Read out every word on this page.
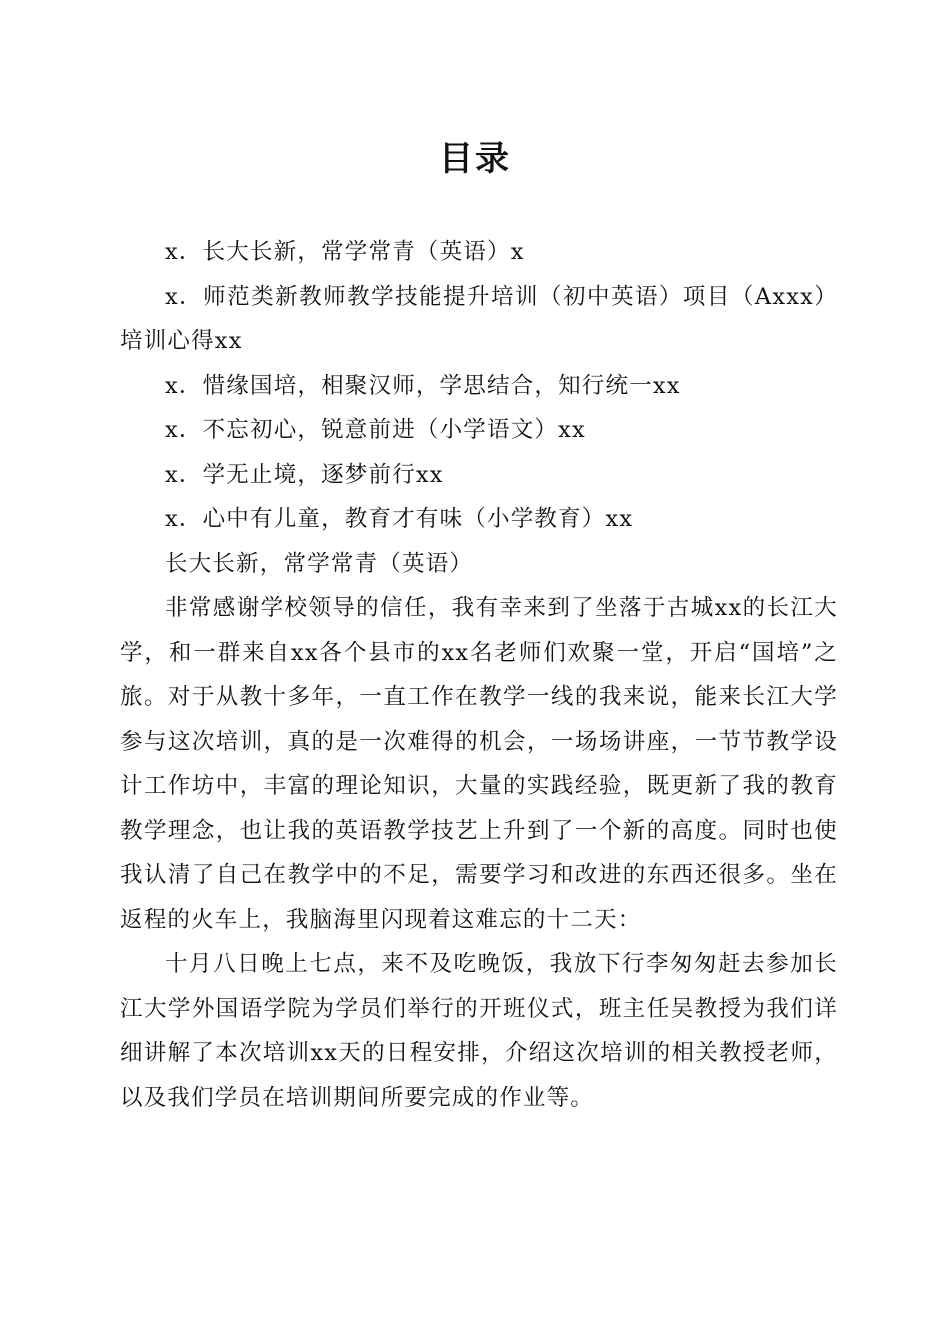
目录

x．长大长新，常学常青（英语）x

x．师范类新教师教学技能提升培训（初中英语）项目（Axxx）培训心得xx

x．惜缘国培，相聚汉师，学思结合，知行统一xx

x．不忘初心，锐意前进（小学语文）xx

x．学无止境，逐梦前行xx

x．心中有儿童，教育才有味（小学教育）xx

长大长新，常学常青（英语）

非常感谢学校领导的信任，我有幸来到了坐落于古城xx的长江大学，和一群来自xx各个县市的xx名老师们欢聚一堂，开启“国培”之旅。对于从教十多年，一直工作在教学一线的我来说，能来长江大学参与这次培训，真的是一次难得的机会，一场场讲座，一节节教学设计工作坊中，丰富的理论知识，大量的实践经验，既更新了我的教育教学理念，也让我的英语教学技艺上升到了一个新的高度。同时也使我认清了自己在教学中的不足，需要学习和改进的东西还很多。坐在返程的火车上，我脑海里闪现着这难忘的十二天：

十月八日晚上七点，来不及吃晚饭，我放下行李匆匆赶去参加长江大学外国语学院为学员们举行的开班仪式，班主任吴教授为我们详细讲解了本次培训xx天的日程安排，介绍这次培训的相关教授老师，以及我们学员在培训期间所要完成的作业等。
